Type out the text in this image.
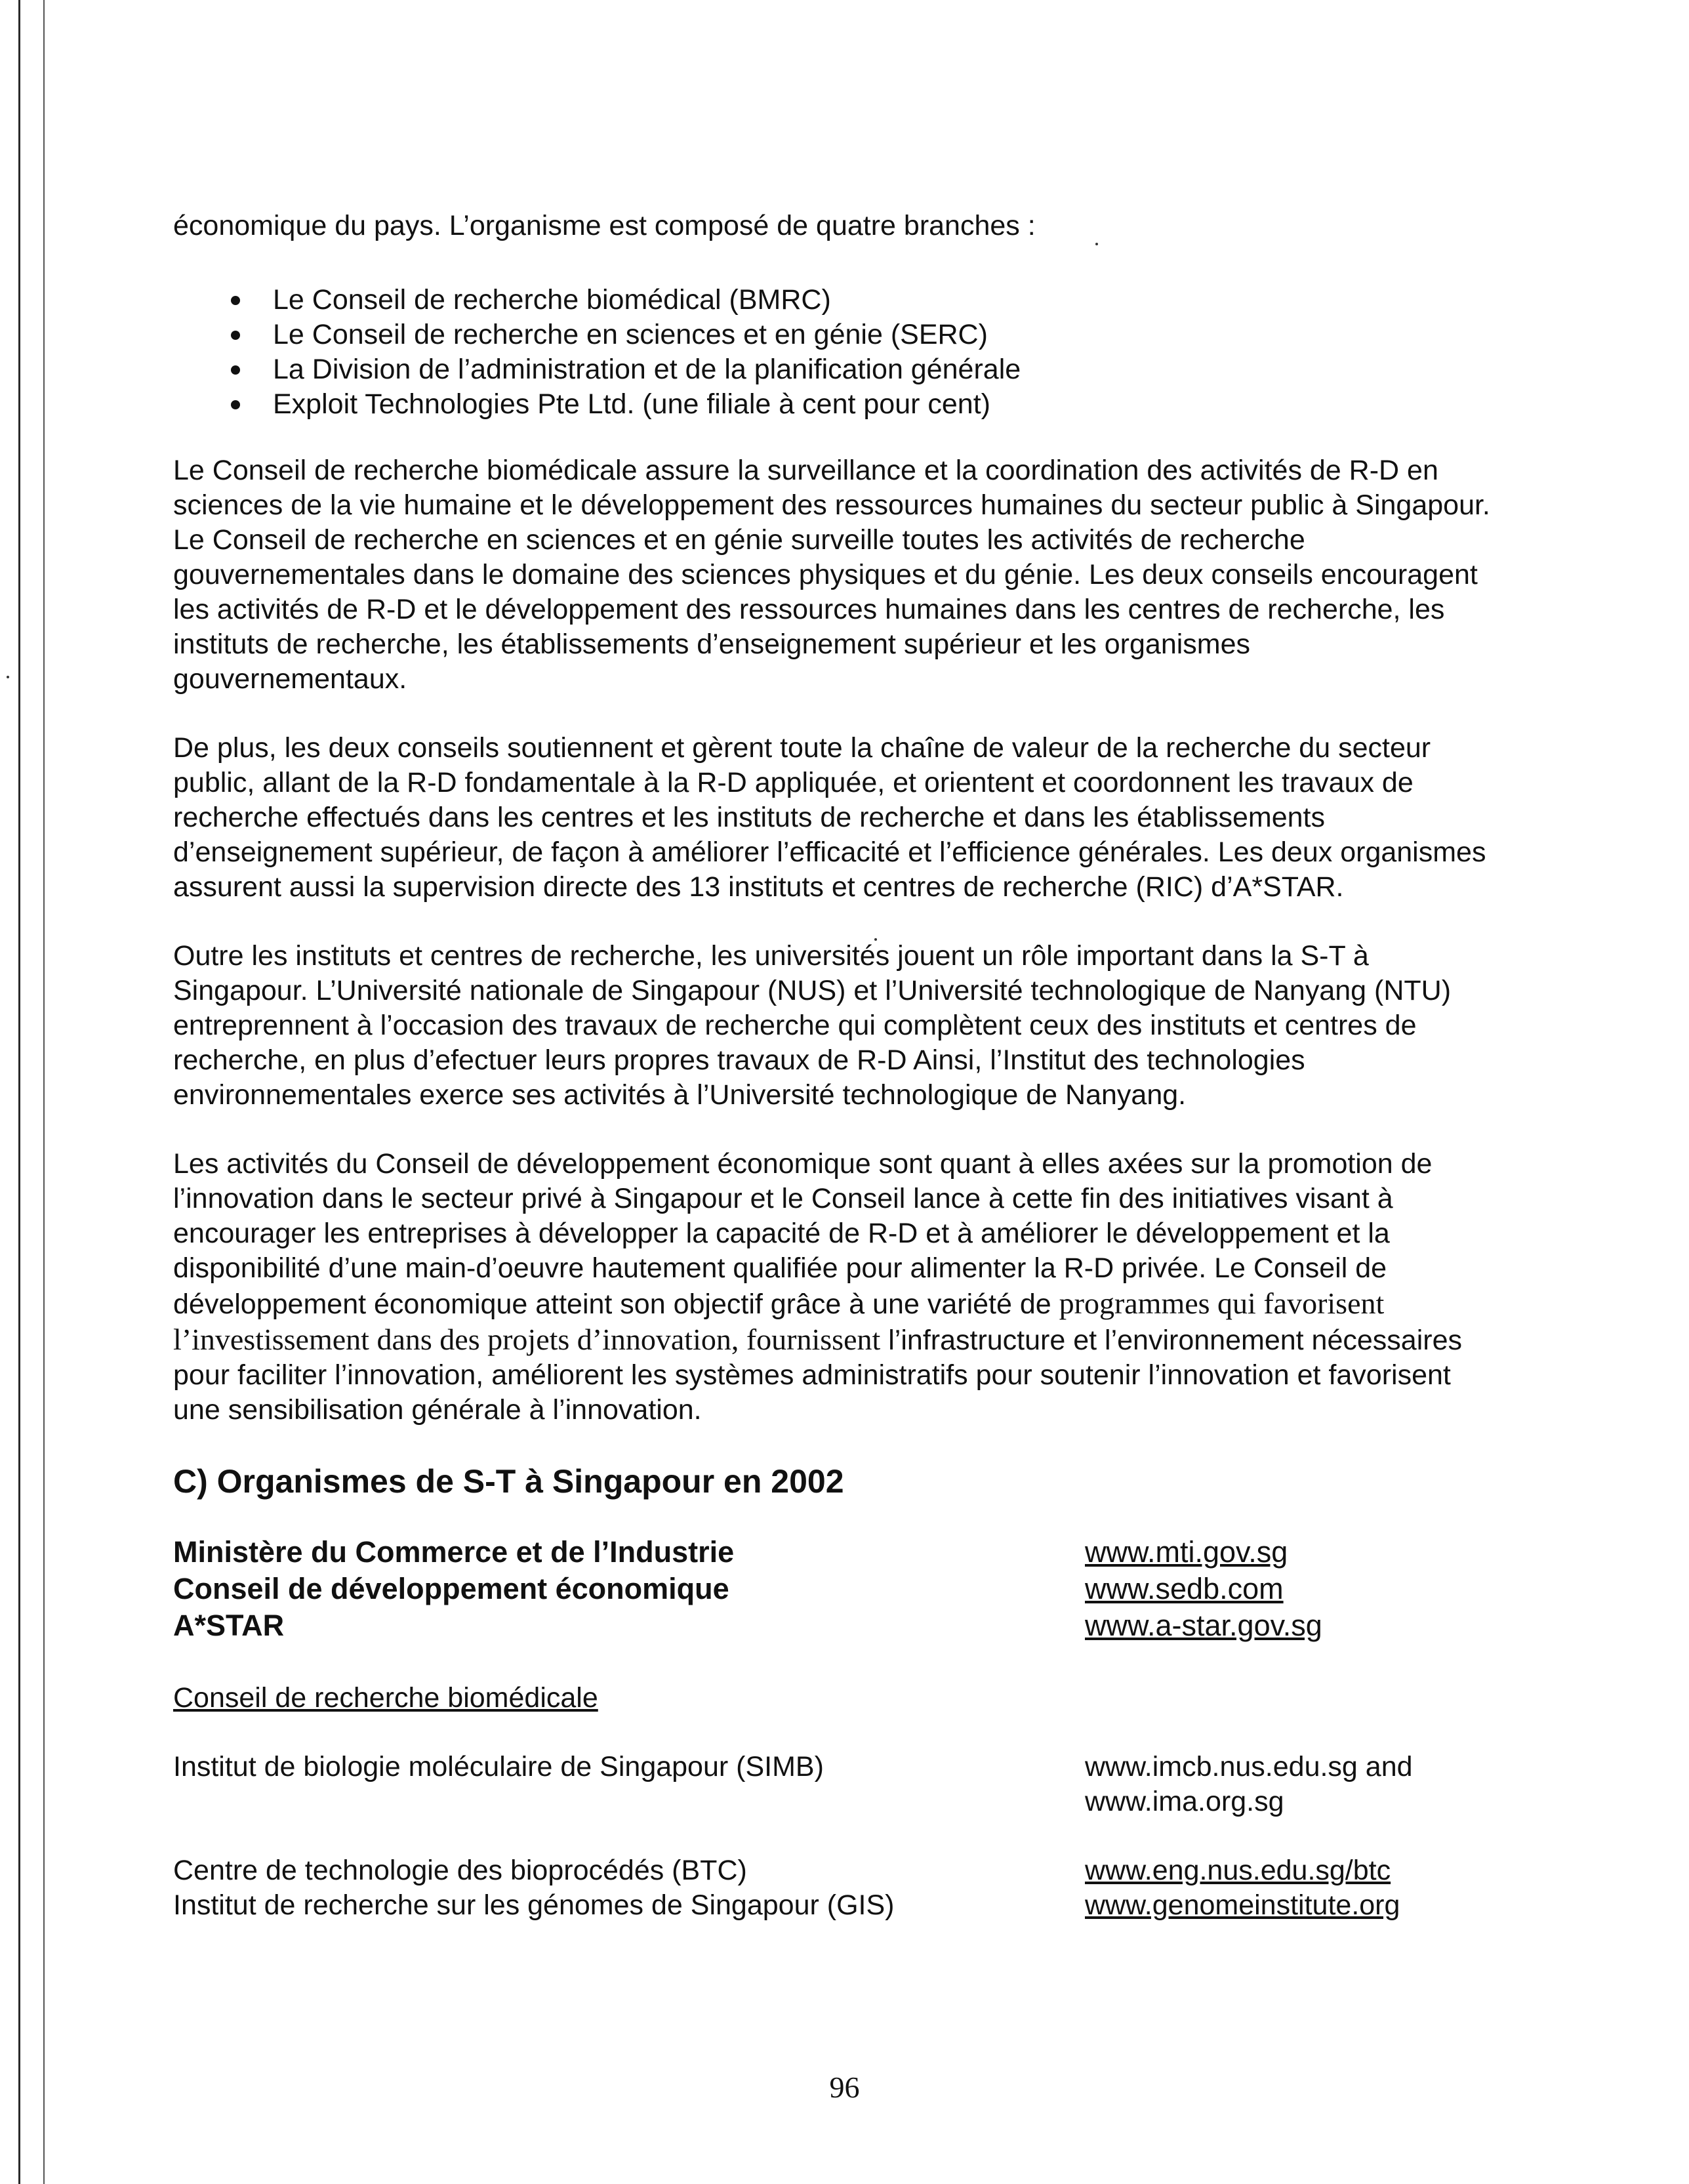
économique du pays. L’organisme est composé de quatre branches :

Le Conseil de recherche biomédical (BMRC)
Le Conseil de recherche en sciences et en génie (SERC)
La Division de l’administration et de la planification générale
Exploit Technologies Pte Ltd. (une filiale à cent pour cent)

Le Conseil de recherche biomédicale assure la surveillance et la coordination des activités de R-D en sciences de la vie humaine et le développement des ressources humaines du secteur public à Singapour. Le Conseil de recherche en sciences et en génie surveille toutes les activités de recherche gouvernementales dans le domaine des sciences physiques et du génie. Les deux conseils encouragent les activités de R-D et le développement des ressources humaines dans les centres de recherche, les instituts de recherche, les établissements d’enseignement supérieur et les organismes gouvernementaux.

De plus, les deux conseils soutiennent et gèrent toute la chaîne de valeur de la recherche du secteur public, allant de la R-D fondamentale à la R-D appliquée, et orientent et coordonnent les travaux de recherche effectués dans les centres et les instituts de recherche et dans les établissements d’enseignement supérieur, de façon à améliorer l’efficacité et l’efficience générales. Les deux organismes assurent aussi la supervision directe des 13 instituts et centres de recherche (RIC) d’A*STAR.

Outre les instituts et centres de recherche, les universités jouent un rôle important dans la S-T à Singapour. L’Université nationale de Singapour (NUS) et l’Université technologique de Nanyang (NTU) entreprennent à l’occasion des travaux de recherche qui complètent ceux des instituts et centres de recherche, en plus d’efectuer leurs propres travaux de R-D Ainsi, l’Institut des technologies environnementales exerce ses activités à l’Université technologique de Nanyang.

Les activités du Conseil de développement économique sont quant à elles axées sur la promotion de l’innovation dans le secteur privé à Singapour et le Conseil lance à cette fin des initiatives visant à encourager les entreprises à développer la capacité de R-D et à améliorer le développement et la disponibilité d’une main-d’oeuvre hautement qualifiée pour alimenter la R-D privée. Le Conseil de développement économique atteint son objectif grâce à une variété de programmes qui favorisent l’investissement dans des projets d’innovation, fournissent l’infrastructure et l’environnement nécessaires pour faciliter l’innovation, améliorent les systèmes administratifs pour soutenir l’innovation et favorisent une sensibilisation générale à l’innovation.

C) Organismes de S-T à Singapour en 2002
Ministère du Commerce et de l’Industrie	www.mti.gov.sg
Conseil de développement économique	www.sedb.com
A*STAR	www.a-star.gov.sg

Conseil de recherche biomédicale

Institut de biologie moléculaire de Singapour (SIMB)	www.imcb.nus.edu.sg and
www.ima.org.sg
Centre de technologie des bioprocédés (BTC)	www.eng.nus.edu.sg/btc
Institut de recherche sur les génomes de Singapour (GIS)	www.genomeinstitute.org
96
